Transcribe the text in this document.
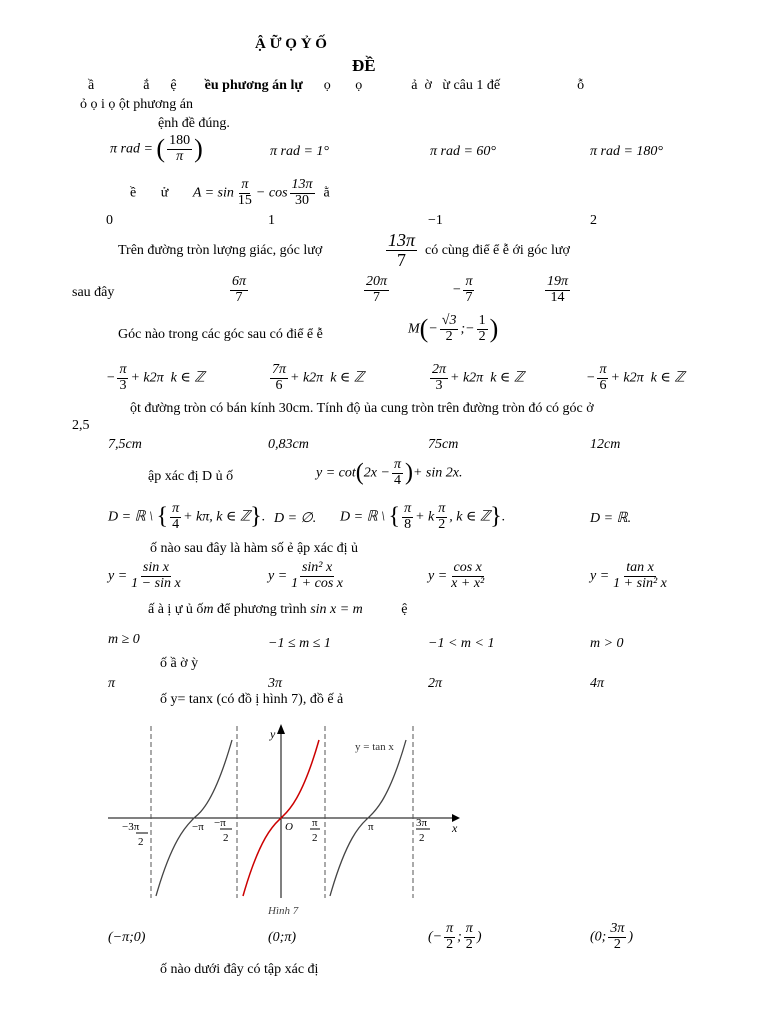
Ậ Ữ Ọ Ỷ Ố
ĐỀ
ầ              ắ      ệ        ều phương án lự      ọ       ọ              ả  ờ   ừ câu 1 đế                      ỗ
ỏ ọ i ọ ột phương án
ệnh đề đúng.
π rad = ( $\frac{180}{\pi}$ )	π rad = 1°	π rad = 60°	π rad = 180°
ề       ử       $A = \sin \frac{\pi}{15} - \cos \frac{13\pi}{30}$ ằ
0	1	−1	2
Trên đường tròn lượng giác, góc lượ	$\frac{13\pi}{7}$ có cùng điể ể ễ ới góc lượ
sau đây	$\frac{6\pi}{7}$	$\frac{20\pi}{7}$	− $\frac{\pi}{7}$	$\frac{19\pi}{14}$
Góc nào trong các góc sau có điể ể ễ	$M(- \frac{√3}{2}$ ;− $\frac{1}{2}$ )
− $\frac{\pi}{3} + k2\pi$  k ∈ ℤ	$\frac{7\pi}{6} + k2\pi$  k ∈ ℤ	$\frac{2\pi}{3} + k2\pi$  k ∈ ℤ	− $\frac{\pi}{6} + k2\pi$  k ∈ ℤ
ột đường tròn có bán kính 30cm. Tính độ ủa cung tròn trên đường tròn đó có góc ở
2,5
7,5cm	0,83cm	75cm	12cm
ập xác đị D ủ ố	$y = \cot(2x - \frac{\pi}{4}$ )+ sin 2x.
D = ℝ \ { $\frac{\pi}{4} + k\pi$, k ∈ ℤ}. D = ∅. D = ℝ \ { $\frac{\pi}{8} + k \frac{\pi}{2}$ , k ∈ ℤ}.	D = ℝ.
ố nào sau đây là hàm số ẻ ập xác đị ủ
$y = \frac{\text{sin x}}{\text{1 − sin x}}$	$y = \frac{\text{sin² x}}{\text{1 + cos x}}$	$y = \frac{\text{cos x}}{\text{x + x²}}$	$y = \frac{\text{tan x}}{\text{1 + sin² x}}$
ấ à ị ự ủ ốm để phương trình sin x = m	ệ
m ≥ 0	−1 ≤ m ≤ 1	−1 < m < 1	m > 0
ố ầ ờ ỳ
π	3π	2π	4π
ố y= tanx (có đồ ị hình 7), đồ ế ả
y
x
y = tan x
O
−3π
2
−π −π
2
π
2
π	3π
2
Hình 7
(−π;0)	(0;π)	(− $\frac{\pi}{2}$ ; $\frac{\pi}{2}$ )	(0; $\frac{3\pi}{2}$ )
ố nào dưới đây có tập xác đị
